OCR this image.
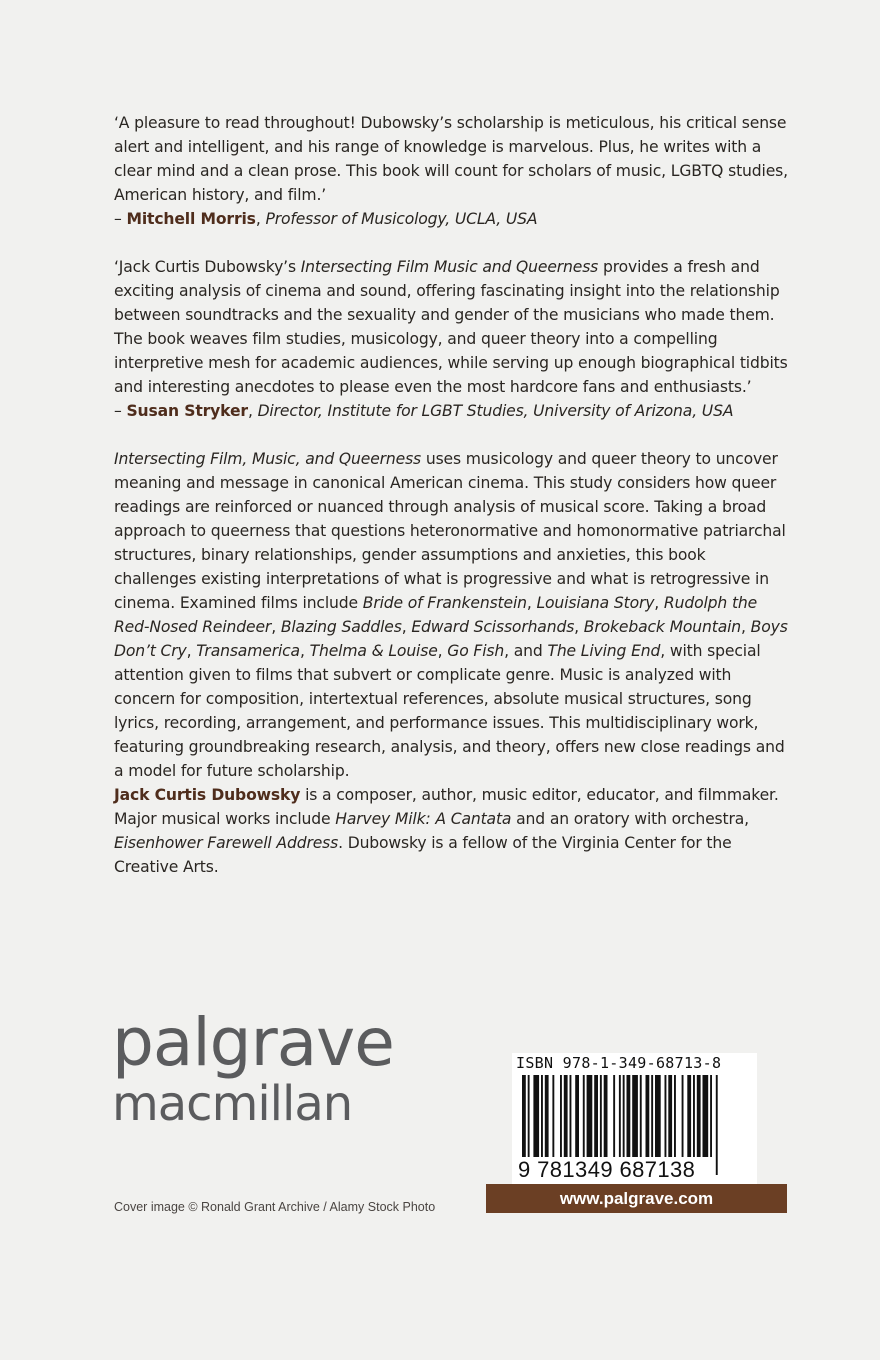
‘A pleasure to read throughout! Dubowsky’s scholarship is meticulous, his critical sense alert and intelligent, and his range of knowledge is marvelous. Plus, he writes with a clear mind and a clean prose. This book will count for scholars of music, LGBTQ studies, American history, and film.’

– Mitchell Morris, Professor of Musicology, UCLA, USA

‘Jack Curtis Dubowsky’s Intersecting Film Music and Queerness provides a fresh and exciting analysis of cinema and sound, offering fascinating insight into the relationship between soundtracks and the sexuality and gender of the musicians who made them. The book weaves film studies, musicology, and queer theory into a compelling interpretive mesh for academic audiences, while serving up enough biographical tidbits and interesting anecdotes to please even the most hardcore fans and enthusiasts.’

– Susan Stryker, Director, Institute for LGBT Studies, University of Arizona, USA

Intersecting Film, Music, and Queerness uses musicology and queer theory to uncover meaning and message in canonical American cinema. This study considers how queer readings are reinforced or nuanced through analysis of musical score. Taking a broad approach to queerness that questions heteronormative and homonormative patriarchal structures, binary relationships, gender assumptions and anxieties, this book challenges existing interpretations of what is progressive and what is retrogressive in cinema. Examined films include Bride of Frankenstein, Louisiana Story, Rudolph the Red-Nosed Reindeer, Blazing Saddles, Edward Scissorhands, Brokeback Mountain, Boys Don’t Cry, Transamerica, Thelma & Louise, Go Fish, and The Living End, with special attention given to films that subvert or complicate genre. Music is analyzed with concern for composition, intertextual references, absolute musical structures, song lyrics, recording, arrangement, and performance issues. This multidisciplinary work, featuring groundbreaking research, analysis, and theory, offers new close readings and a model for future scholarship.

Jack Curtis Dubowsky is a composer, author, music editor, educator, and filmmaker. Major musical works include Harvey Milk: A Cantata and an oratory with orchestra, Eisenhower Farewell Address. Dubowsky is a fellow of the Virginia Center for the Creative Arts.

palgrave
macmillan
Cover image © Ronald Grant Archive / Alamy Stock Photo
ISBN 978-1-349-68713-8
9 781349 687138
www.palgrave.com
